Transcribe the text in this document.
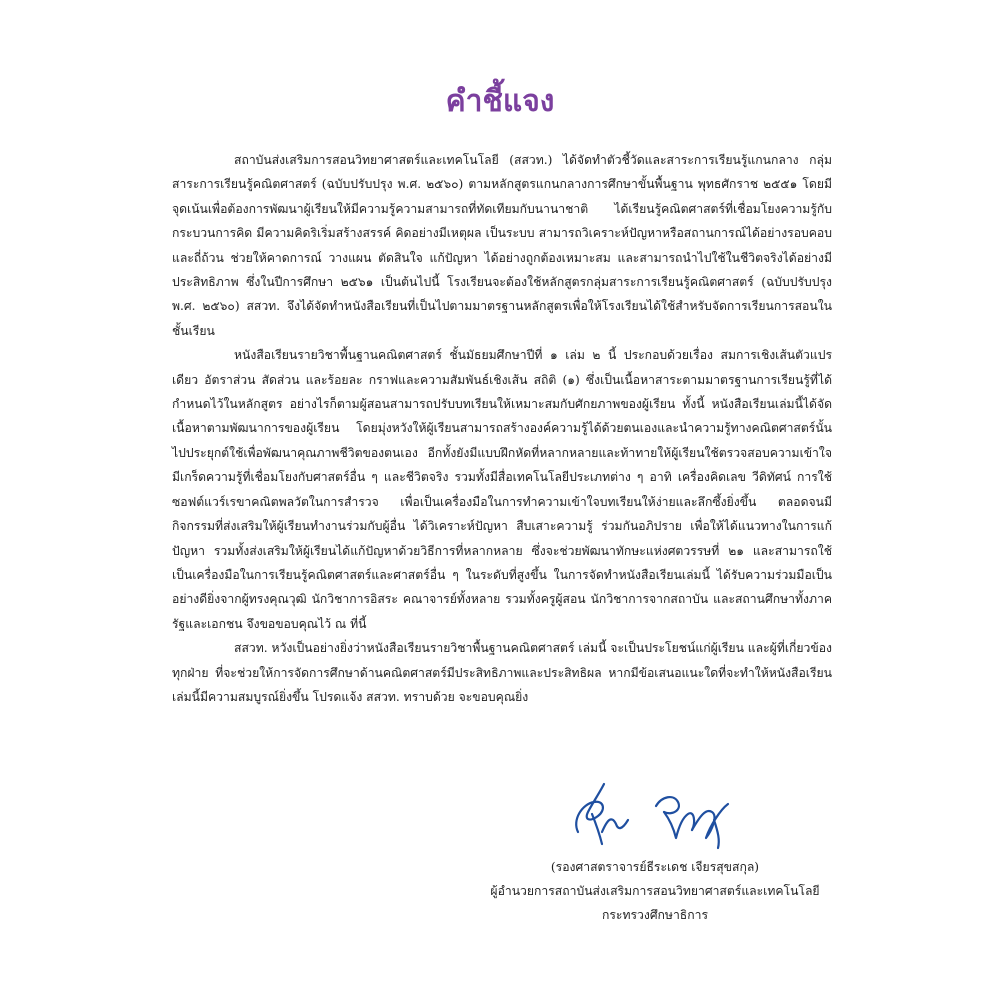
คำชี้แจง

สถาบันส่งเสริมการสอนวิทยาศาสตร์และเทคโนโลยี (สสวท.) ได้จัดทำตัวชี้วัดและสาระการเรียนรู้แกนกลาง กลุ่มสาระการเรียนรู้คณิตศาสตร์ (ฉบับปรับปรุง พ.ศ. ๒๕๖๐) ตามหลักสูตรแกนกลางการศึกษาขั้นพื้นฐาน พุทธศักราช ๒๕๕๑ โดยมีจุดเน้นเพื่อต้องการพัฒนาผู้เรียนให้มีความรู้ความสามารถที่ทัดเทียมกับนานาชาติ ได้เรียนรู้คณิตศาสตร์ที่เชื่อมโยงความรู้กับกระบวนการคิด มีความคิดริเริ่มสร้างสรรค์ คิดอย่างมีเหตุผล เป็นระบบ สามารถวิเคราะห์ปัญหาหรือสถานการณ์ได้อย่างรอบคอบและถี่ถ้วน ช่วยให้คาดการณ์ วางแผน ตัดสินใจ แก้ปัญหา ได้อย่างถูกต้องเหมาะสม และสามารถนำไปใช้ในชีวิตจริงได้อย่างมีประสิทธิภาพ ซึ่งในปีการศึกษา ๒๕๖๑ เป็นต้นไปนี้ โรงเรียนจะต้องใช้หลักสูตรกลุ่มสาระการเรียนรู้คณิตศาสตร์ (ฉบับปรับปรุง พ.ศ. ๒๕๖๐) สสวท. จึงได้จัดทำหนังสือเรียนที่เป็นไปตามมาตรฐานหลักสูตรเพื่อให้โรงเรียนได้ใช้สำหรับจัดการเรียนการสอนในชั้นเรียน

หนังสือเรียนรายวิชาพื้นฐานคณิตศาสตร์ ชั้นมัธยมศึกษาปีที่ ๑ เล่ม ๒ นี้ ประกอบด้วยเรื่อง สมการเชิงเส้นตัวแปรเดียว อัตราส่วน สัดส่วน และร้อยละ กราฟและความสัมพันธ์เชิงเส้น สถิติ (๑) ซึ่งเป็นเนื้อหาสาระตามมาตรฐานการเรียนรู้ที่ได้กำหนดไว้ในหลักสูตร อย่างไรก็ตามผู้สอนสามารถปรับบทเรียนให้เหมาะสมกับศักยภาพของผู้เรียน ทั้งนี้ หนังสือเรียนเล่มนี้ได้จัดเนื้อหาตามพัฒนาการของผู้เรียน โดยมุ่งหวังให้ผู้เรียนสามารถสร้างองค์ความรู้ได้ด้วยตนเองและนำความรู้ทางคณิตศาสตร์นั้นไปประยุกต์ใช้เพื่อพัฒนาคุณภาพชีวิตของตนเอง อีกทั้งยังมีแบบฝึกหัดที่หลากหลายและท้าทายให้ผู้เรียนใช้ตรวจสอบความเข้าใจ มีเกร็ดความรู้ที่เชื่อมโยงกับศาสตร์อื่น ๆ และชีวิตจริง รวมทั้งมีสื่อเทคโนโลยีประเภทต่าง ๆ อาทิ เครื่องคิดเลข วีดิทัศน์ การใช้ซอฟต์แวร์เรขาคณิตพลวัตในการสำรวจ เพื่อเป็นเครื่องมือในการทำความเข้าใจบทเรียนให้ง่ายและลึกซึ้งยิ่งขึ้น ตลอดจนมีกิจกรรมที่ส่งเสริมให้ผู้เรียนทำงานร่วมกับผู้อื่น ได้วิเคราะห์ปัญหา สืบเสาะความรู้ ร่วมกันอภิปราย เพื่อให้ได้แนวทางในการแก้ปัญหา รวมทั้งส่งเสริมให้ผู้เรียนได้แก้ปัญหาด้วยวิธีการที่หลากหลาย ซึ่งจะช่วยพัฒนาทักษะแห่งศตวรรษที่ ๒๑ และสามารถใช้เป็นเครื่องมือในการเรียนรู้คณิตศาสตร์และศาสตร์อื่น ๆ ในระดับที่สูงขึ้น ในการจัดทำหนังสือเรียนเล่มนี้ ได้รับความร่วมมือเป็นอย่างดียิ่งจากผู้ทรงคุณวุฒิ นักวิชาการอิสระ คณาจารย์ทั้งหลาย รวมทั้งครูผู้สอน นักวิชาการจากสถาบัน และสถานศึกษาทั้งภาครัฐและเอกชน จึงขอขอบคุณไว้ ณ ที่นี้

สสวท. หวังเป็นอย่างยิ่งว่าหนังสือเรียนรายวิชาพื้นฐานคณิตศาสตร์ เล่มนี้ จะเป็นประโยชน์แก่ผู้เรียน และผู้ที่เกี่ยวข้องทุกฝ่าย ที่จะช่วยให้การจัดการศึกษาด้านคณิตศาสตร์มีประสิทธิภาพและประสิทธิผล หากมีข้อเสนอแนะใดที่จะทำให้หนังสือเรียนเล่มนี้มีความสมบูรณ์ยิ่งขึ้น โปรดแจ้ง สสวท. ทราบด้วย จะขอบคุณยิ่ง

(รองศาสตราจารย์ธีระเดช เจียรสุขสกุล)
ผู้อำนวยการสถาบันส่งเสริมการสอนวิทยาศาสตร์และเทคโนโลยี
กระทรวงศึกษาธิการ
